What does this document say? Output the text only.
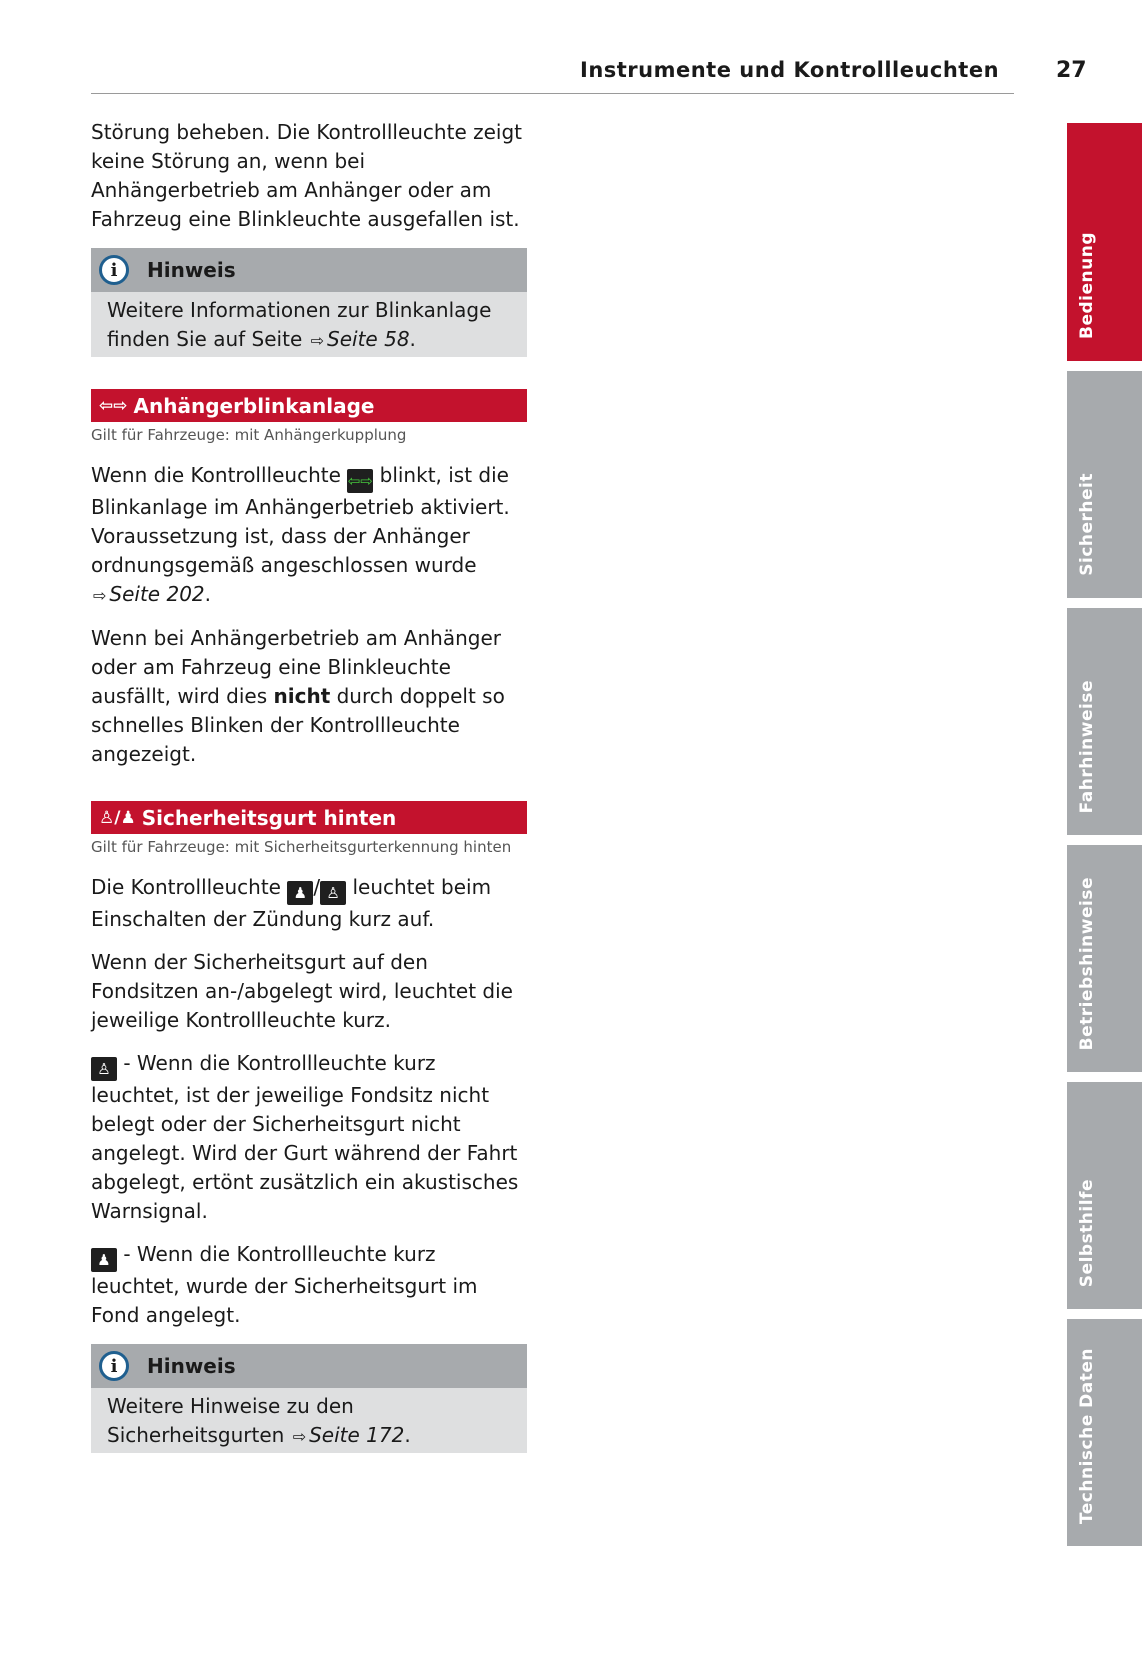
Instrumente und Kontrollleuchten	27

Störung beheben. Die Kontrollleuchte zeigt keine Störung an, wenn bei Anhängerbetrieb am Anhänger oder am Fahrzeug eine Blinkleuchte ausgefallen ist.

i	Hinweis
Weitere Informationen zur Blinkanlage finden Sie auf Seite ⇨ Seite 58.
⇦⇨ Anhängerblinkanlage
Gilt für Fahrzeuge: mit Anhängerkupplung

Wenn die Kontrollleuchte ⇦⇨ blinkt, ist die Blinkanlage im Anhängerbetrieb aktiviert. Voraussetzung ist, dass der Anhänger ordnungsgemäß angeschlossen wurde ⇨ Seite 202.

Wenn bei Anhängerbetrieb am Anhänger oder am Fahrzeug eine Blinkleuchte ausfällt, wird dies nicht durch doppelt so schnelles Blinken der Kontrollleuchte angezeigt.

♙/♟ Sicherheitsgurt hinten
Gilt für Fahrzeuge: mit Sicherheitsgurterkennung hinten

Die Kontrollleuchte ♟ / ♙ leuchtet beim Einschalten der Zündung kurz auf.

Wenn der Sicherheitsgurt auf den Fondsitzen an-/abgelegt wird, leuchtet die jeweilige Kontrollleuchte kurz.

♙ - Wenn die Kontrollleuchte kurz leuchtet, ist der jeweilige Fondsitz nicht belegt oder der Sicherheitsgurt nicht angelegt. Wird der Gurt während der Fahrt abgelegt, ertönt zusätzlich ein akustisches Warnsignal.

♟ - Wenn die Kontrollleuchte kurz leuchtet, wurde der Sicherheitsgurt im Fond angelegt.

i	Hinweis
Weitere Hinweise zu den Sicherheitsgurten ⇨ Seite 172.
Bedienung
Sicherheit
Fahrhinweise
Betriebshinweise
Selbsthilfe
Technische Daten
